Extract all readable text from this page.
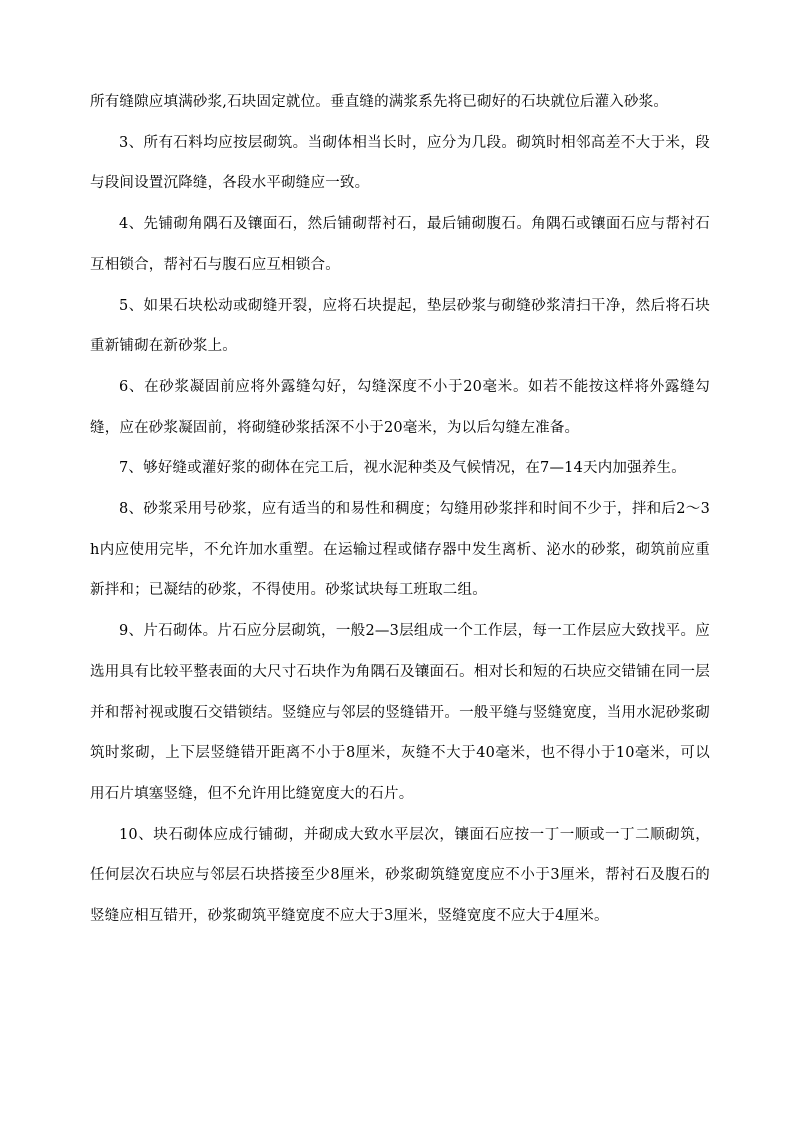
所有缝隙应填满砂浆,石块固定就位。垂直缝的满浆系先将已砌好的石块就位后灌入砂浆。

3、所有石料均应按层砌筑。当砌体相当长时，应分为几段。砌筑时相邻高差不大于米，段与段间设置沉降缝，各段水平砌缝应一致。

4、先铺砌角隅石及镶面石，然后铺砌帮衬石，最后铺砌腹石。角隅石或镶面石应与帮衬石互相锁合，帮衬石与腹石应互相锁合。

5、如果石块松动或砌缝开裂，应将石块提起，垫层砂浆与砌缝砂浆清扫干净，然后将石块重新铺砌在新砂浆上。

6、在砂浆凝固前应将外露缝勾好，勾缝深度不小于20毫米。如若不能按这样将外露缝勾缝，应在砂浆凝固前，将砌缝砂浆括深不小于20毫米，为以后勾缝左准备。

7、够好缝或灌好浆的砌体在完工后，视水泥种类及气候情况，在7—14天内加强养生。

8、砂浆采用号砂浆，应有适当的和易性和稠度；勾缝用砂浆拌和时间不少于，拌和后2～3h内应使用完毕，不允许加水重塑。在运输过程或储存器中发生离析、泌水的砂浆，砌筑前应重新拌和；已凝结的砂浆，不得使用。砂浆试块每工班取二组。

9、片石砌体。片石应分层砌筑，一般2—3层组成一个工作层，每一工作层应大致找平。应选用具有比较平整表面的大尺寸石块作为角隅石及镶面石。相对长和短的石块应交错铺在同一层并和帮衬视或腹石交错锁结。竖缝应与邻层的竖缝错开。一般平缝与竖缝宽度，当用水泥砂浆砌筑时浆砌，上下层竖缝错开距离不小于8厘米，灰缝不大于40毫米，也不得小于10毫米，可以用石片填塞竖缝，但不允许用比缝宽度大的石片。

10、块石砌体应成行铺砌，并砌成大致水平层次，镶面石应按一丁一顺或一丁二顺砌筑，任何层次石块应与邻层石块搭接至少8厘米，砂浆砌筑缝宽度应不小于3厘米，帮衬石及腹石的竖缝应相互错开，砂浆砌筑平缝宽度不应大于3厘米，竖缝宽度不应大于4厘米。
